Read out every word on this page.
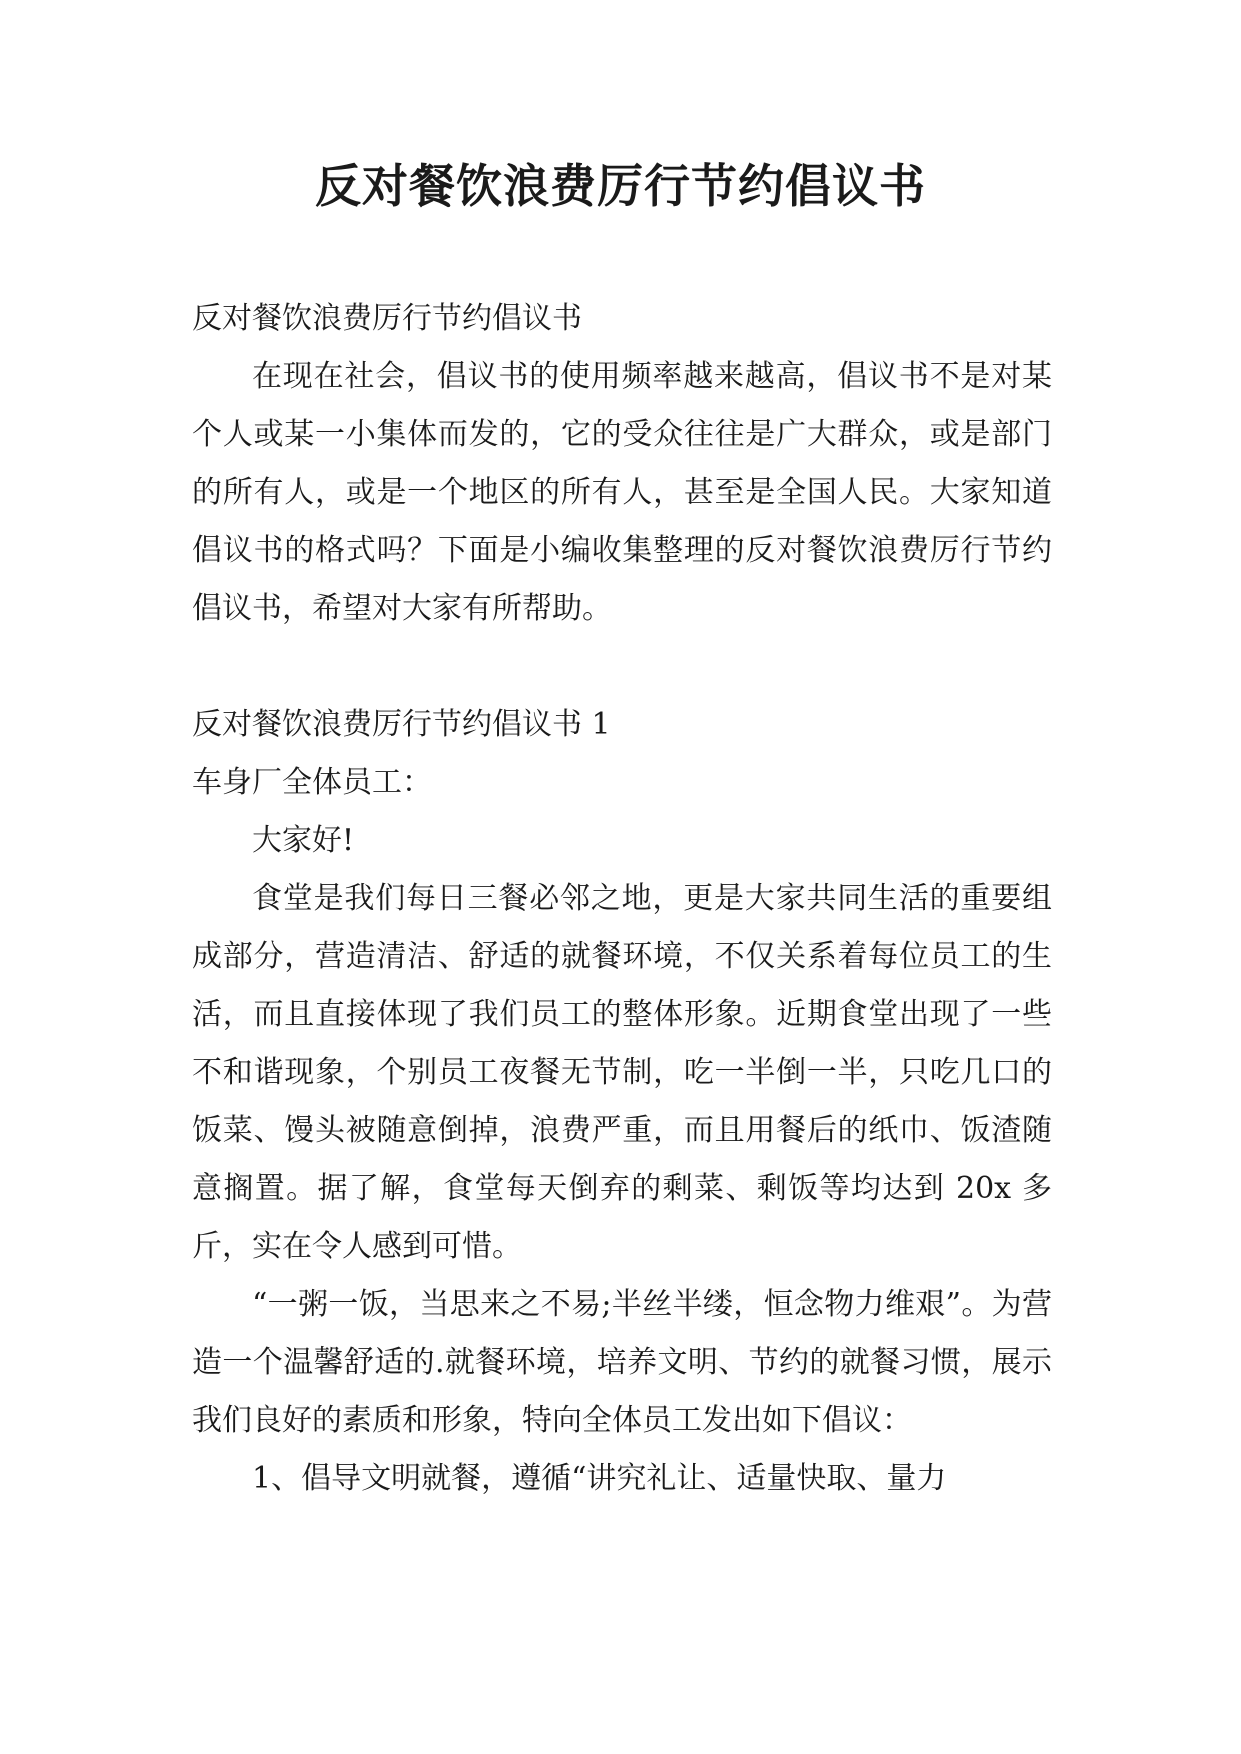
反对餐饮浪费厉行节约倡议书

反对餐饮浪费厉行节约倡议书

在现在社会，倡议书的使用频率越来越高，倡议书不是对某个人或某一小集体而发的，它的受众往往是广大群众，或是部门的所有人，或是一个地区的所有人，甚至是全国人民。大家知道倡议书的格式吗？下面是小编收集整理的反对餐饮浪费厉行节约倡议书，希望对大家有所帮助。

反对餐饮浪费厉行节约倡议书 1

车身厂全体员工：

大家好!

食堂是我们每日三餐必邻之地，更是大家共同生活的重要组成部分，营造清洁、舒适的就餐环境，不仅关系着每位员工的生活，而且直接体现了我们员工的整体形象。近期食堂出现了一些不和谐现象，个别员工夜餐无节制，吃一半倒一半，只吃几口的饭菜、馒头被随意倒掉，浪费严重，而且用餐后的纸巾、饭渣随意搁置。据了解，食堂每天倒弃的剩菜、剩饭等均达到 20x 多斤，实在令人感到可惜。

“一粥一饭，当思来之不易;半丝半缕，恒念物力维艰”。为营造一个温馨舒适的.就餐环境，培养文明、节约的就餐习惯，展示我们良好的素质和形象，特向全体员工发出如下倡议：

1、倡导文明就餐，遵循“讲究礼让、适量快取、量力
